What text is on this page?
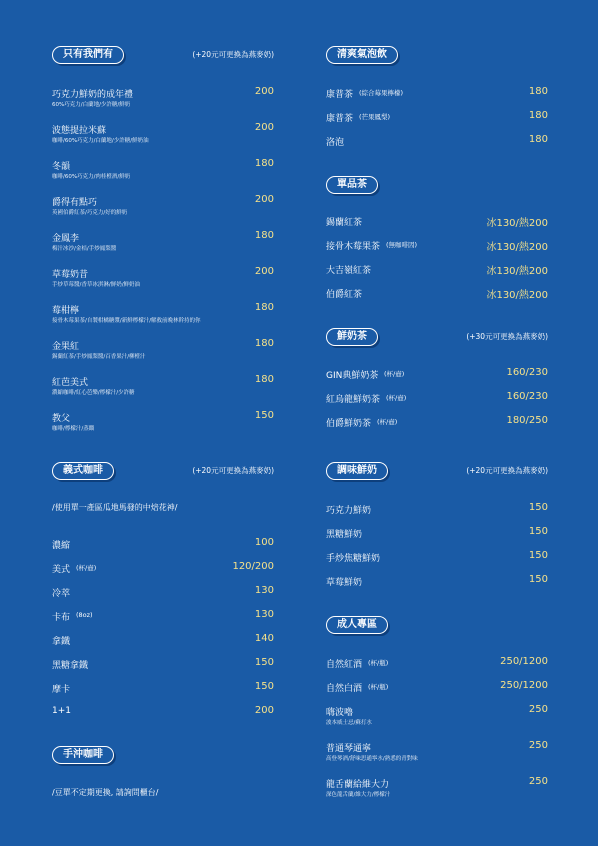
只有我們有	(+20元可更換為燕麥奶)
巧克力鮮奶的成年禮
60%巧克力/白蘭地/少許糖/鮮奶
200
波態提拉米蘇
咖啡/60%巧克力/白蘭地/少許糖/鮮奶油
200
冬韻
咖啡/60%巧克力/肉桂橙酒/鮮奶
180
爵得有點巧
英國伯爵紅茶/巧克力/好的鮮奶
200
金鳳李
梅汁冰沙/金桔/手炒鳳梨醬
180
草莓奶昔
手炒草莓醬/香草冰淇淋/鮮奶/鮮奶油
200
莓柑檸
接骨木莓果茶/自製柑橘糖漿/新鮮檸檬汁/解救前晚林幹持的你
180
金果紅
錫蘭紅茶/手炒鳳梨醬/百香果汁/柳橙汁
180
紅芭美式
濃縮咖啡/紅心芭樂/檸檬汁/少許糖
180
教父
咖啡/檸檬汁/蒸餾
150
義式咖啡	(+20元可更換為燕麥奶)
/使用單一產區瓜地馬發的中焙花神/
濃縮	100
美式 (杯/壺)	120/200
冷萃	130
卡布 (8oz)	130
拿鐵	140
黑糖拿鐵	150
摩卡	150
1+1	200
手沖咖啡
/豆單不定期更換, 請詢問櫃台/
清爽氣泡飲
康普茶 (綜合莓果檸檬)	180
康普茶 (芒果鳳梨)	180
洛泡	180
單品茶
錫蘭紅茶	冰130/熱200
接骨木莓果茶 (無咖啡因)	冰130/熱200
大吉嶺紅茶	冰130/熱200
伯爵紅茶	冰130/熱200
鮮奶茶	(+30元可更換為燕麥奶)
GIN典鮮奶茶 (杯/壺)	160/230
紅烏龍鮮奶茶 (杯/壺)	160/230
伯爵鮮奶茶 (杯/壺)	180/250
調味鮮奶	(+20元可更換為燕麥奶)
巧克力鮮奶	150
黑糖鮮奶	150
手炒焦糖鮮奶	150
草莓鮮奶	150
成人專區
自然紅酒 (杯/瓶)	250/1200
自然白酒 (杯/瓶)	250/1200
嗨波嚕
波本威士忌/蘇打水
250
普通琴通寧
高登琴酒/舒味思通寧水/熟悉的青對味
250
龍舌蘭給維大力
深色龍舌蘭/維大力/檸檬汁
250
